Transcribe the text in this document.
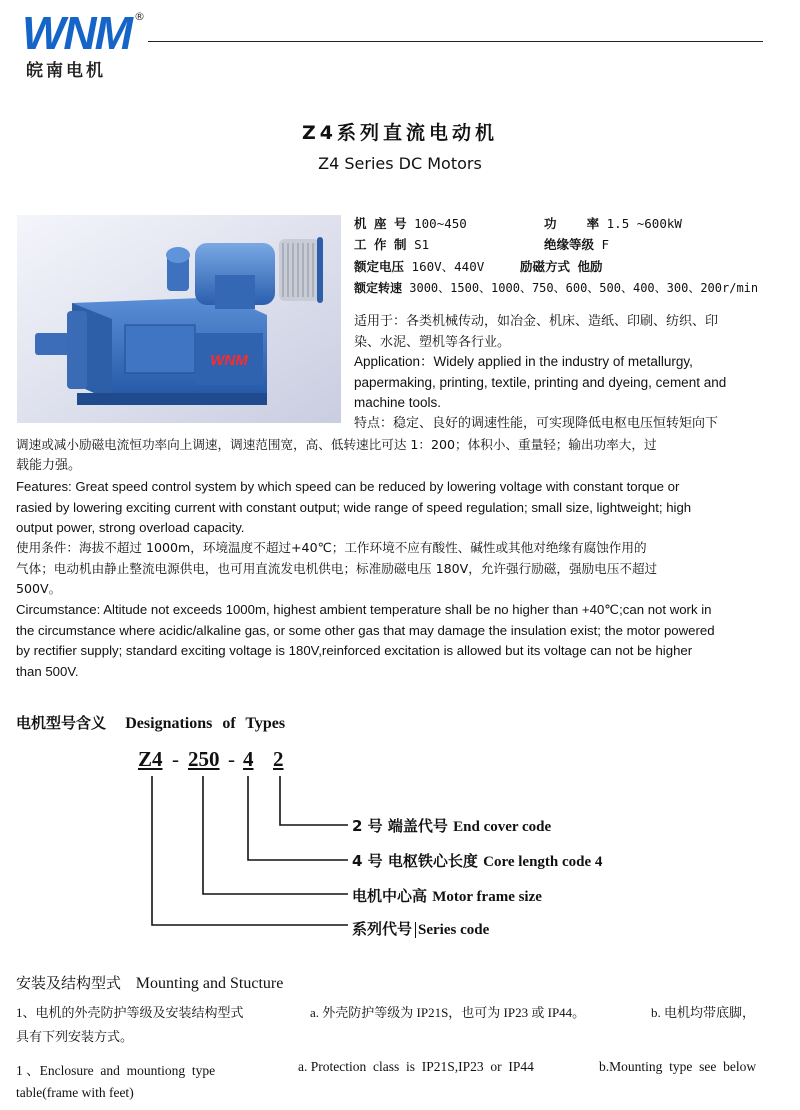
WNM ®
皖南电机
Z4系列直流电动机
Z4 Series DC Motors
WNM
机 座 号 100~450	功    率 1.5 ~600kW
工 作 制 S1	绝缘等级 F
额定电压 160V、440V	励磁方式 他励
额定转速 3000、1500、1000、750、600、500、400、300、200r/min
适用于：各类机械传动，如冶金、机床、造纸、印刷、纺织、印
染、水泥、塑机等各行业。
Application：Widely applied in the industry of metallurgy,
papermaking, printing, textile, printing and dyeing, cement and
machine tools.
特点：稳定、良好的调速性能，可实现降低电枢电压恒转矩向下
调速或减小励磁电流恒功率向上调速，调速范围宽，高、低转速比可达 1：200；体积小、重量轻；输出功率大，过
载能力强。
Features: Great speed control system by which speed can be reduced by lowering voltage with constant torque or
rasied by lowering exciting current with constant output; wide range of speed regulation; small size, lightweight; high
output power, strong overload capacity.
使用条件：海拔不超过 1000m，环境温度不超过+40℃；工作环境不应有酸性、碱性或其他对绝缘有腐蚀作用的
气体；电动机由静止整流电源供电，也可用直流发电机供电；标准励磁电压 180V，允许强行励磁，强励电压不超过
500V。
Circumstance: Altitude not exceeds 1000m, highest ambient temperature shall be no higher than +40℃;can not work in
the circumstance where acidic/alkaline gas, or some other gas that may damage the insulation exist; the motor powered
by rectifier supply; standard exciting voltage is 180V,reinforced excitation is allowed but its voltage can not be higher
than 500V.
电机型号含义 Designations of Types
Z4 - 250 - 4 2
2 号 端盖代号 End cover code
4 号 电枢铁心长度 Core length code 4
电机中心高 Motor frame size
系列代号 Series code
安装及结构型式 Mounting and Stucture
1、电机的外壳防护等级及安装结构型式	a. 外壳防护等级为 IP21S，也可为 IP23 或 IP44。	b. 电机均带底脚，
具有下列安装方式。
1 、Enclosure  and  mountiong  type	a. Protection  class  is  IP21S,IP23  or  IP44	b.Mounting  type  see  below
table(frame with feet)
